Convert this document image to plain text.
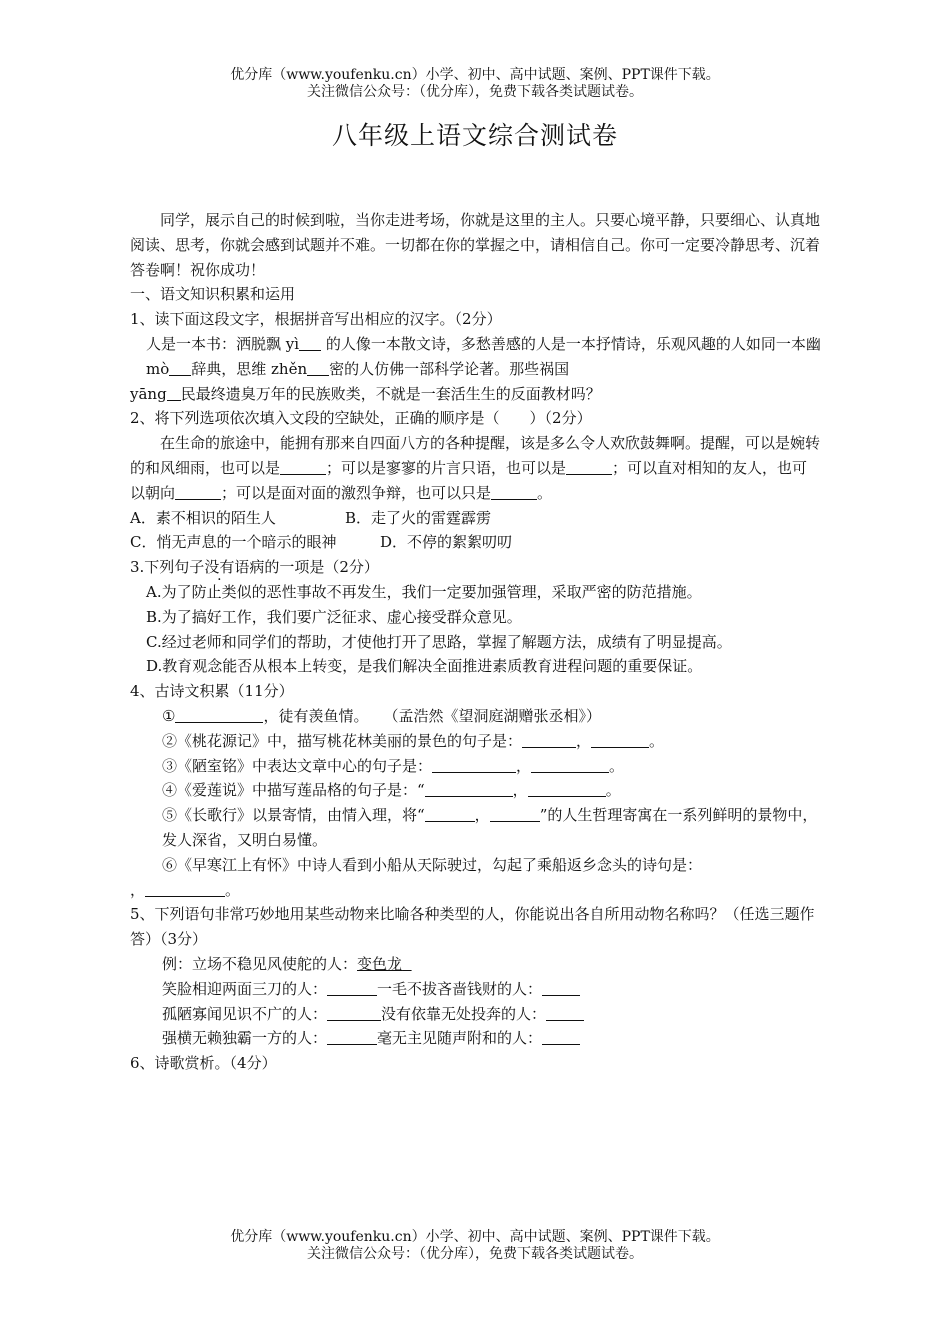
优分库（www.youfenku.cn）小学、初中、高中试题、案例、PPT课件下载。
关注微信公众号：（优分库），免费下载各类试题试卷。
八年级上语文综合测试卷

同学，展示自己的时候到啦，当你走进考场，你就是这里的主人。只要心境平静，只要细心、认真地阅读、思考，你就会感到试题并不难。一切都在你的掌握之中，请相信自己。你可一定要冷静思考、沉着答卷啊！祝你成功！

一、语文知识积累和运用

1、读下面这段文字，根据拼音写出相应的汉字。（2分）

人是一本书：洒脱飘 yì 的人像一本散文诗，多愁善感的人是一本抒情诗，乐观风趣的人如同一本幽 mò 辞典，思维 zhěn 密的人仿佛一部科学论著。那些祸国

yāng 民最终遗臭万年的民族败类，不就是一套活生生的反面教材吗？

2、将下列选项依次填入文段的空缺处，正确的顺序是（　　）（2分）

在生命的旅途中，能拥有那来自四面八方的各种提醒，该是多么令人欢欣鼓舞啊。提醒，可以是婉转的和风细雨，也可以是	；可以是寥寥的片言只语，也可以是	；可以直对相知的友人，也可以朝向	；可以是面对面的激烈争辩，也可以只是	。

A．素不相识的陌生人	B．走了火的雷霆霹雳

C．悄无声息的一个暗示的眼神	D．不停的絮絮叨叨

3.下列句子没有语病的一项是（2分）

A.为了防止类似的恶性事故不再发生，我们一定要加强管理，采取严密的防范措施。

B.为了搞好工作，我们要广泛征求、虚心接受群众意见。

C.经过老师和同学们的帮助，才使他打开了思路，掌握了解题方法，成绩有了明显提高。

D.教育观念能否从根本上转变，是我们解决全面推进素质教育进程问题的重要保证。

4、古诗文积累（11分）

①	，徒有羡鱼情。　　（孟浩然《望洞庭湖赠张丞相》）

②《桃花源记》中，描写桃花林美丽的景色的句子是：	，	。

③《陋室铭》中表达文章中心的句子是：	，	。

④《爱莲说》中描写莲品格的句子是：“	，	。

⑤《长歌行》以景寄情，由情入理，将“	，	”的人生哲理寄寓在一系列鲜明的景物中，发人深省，又明白易懂。

⑥《早寒江上有怀》中诗人看到小船从天际驶过，勾起了乘船返乡念头的诗句是：

，	。

5、下列语句非常巧妙地用某些动物来比喻各种类型的人，你能说出各自所用动物名称吗？（任选三题作答）（3分）

例：立场不稳见风使舵的人：变色龙

笑脸相迎两面三刀的人：	一毛不拔吝啬钱财的人：

孤陋寡闻见识不广的人：	没有依靠无处投奔的人：

强横无赖独霸一方的人：	毫无主见随声附和的人：

6、诗歌赏析。（4分）

优分库（www.youfenku.cn）小学、初中、高中试题、案例、PPT课件下载。
关注微信公众号：（优分库），免费下载各类试题试卷。
